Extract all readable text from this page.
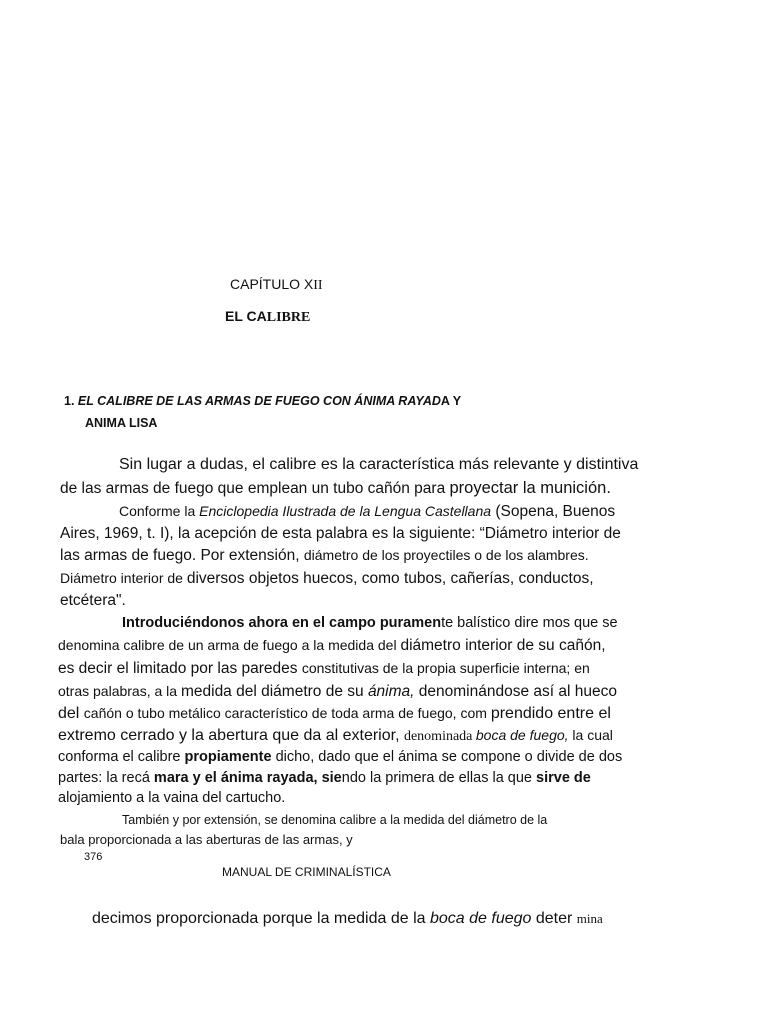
CAPÍTULO XII
EL CALIBRE
1. EL CALIBRE DE LAS ARMAS DE FUEGO CON ÁNIMA RAYADA Y
ANIMA LISA
Sin lugar a dudas, el calibre es la característica más relevante y distintiva
de las armas de fuego que emplean un tubo cañón para proyectar la munición.
Conforme la Enciclopedia Ilustrada de la Lengua Castellana (Sopena, Buenos
Aires, 1969, t. I), la acepción de esta palabra es la siguiente: “Diámetro interior de
las armas de fuego. Por extensión, diámetro de los proyectiles o de los alambres.
Diámetro interior de diversos objetos huecos, como tubos, cañerías, conductos,
etcétera".
Introduciéndonos ahora en el campo puramente balístico dire mos que se
denomina calibre de un arma de fuego a la medida del diámetro interior de su cañón,
es decir el limitado por las paredes constitutivas de la propia superficie interna; en
otras palabras, a la medida del diámetro de su ánima, denominándose así al hueco
del cañón o tubo metálico característico de toda arma de fuego, com prendido entre el
extremo cerrado y la abertura que da al exterior, denominada boca de fuego, la cual
conforma el calibre propiamente dicho, dado que el ánima se compone o divide de dos
partes: la recá mara y el ánima rayada, siendo la primera de ellas la que sirve de
alojamiento a la vaina del cartucho.
También y por extensión, se denomina calibre a la medida del diámetro de la
bala proporcionada a las aberturas de las armas, y
376
MANUAL DE CRIMINALÍSTICA
decimos proporcionada porque la medida de la boca de fuego deter mina
